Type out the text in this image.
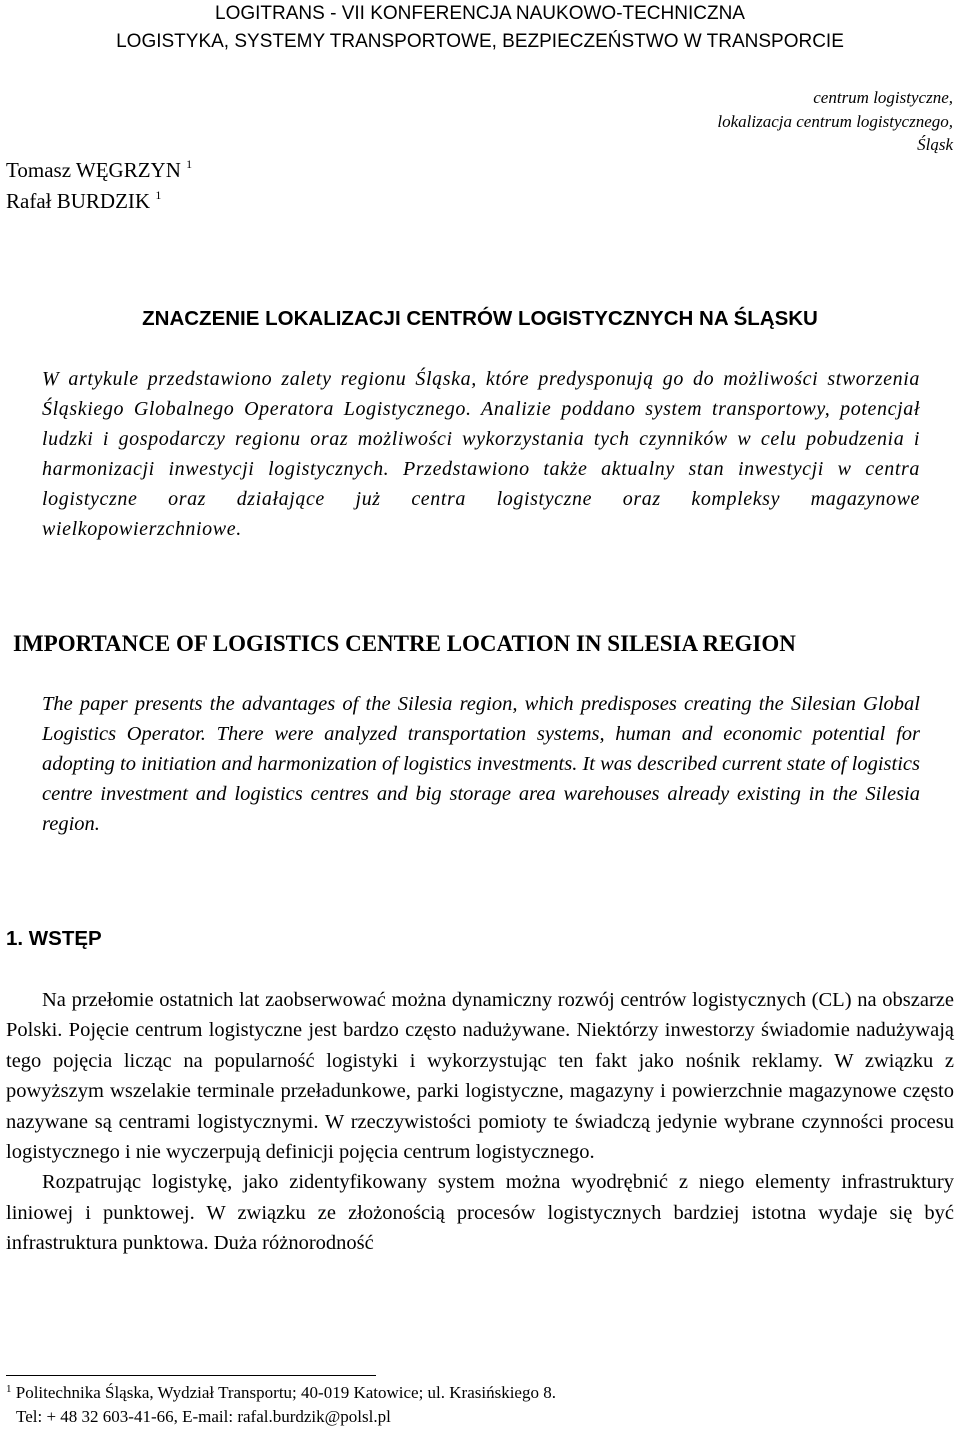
LOGITRANS - VII KONFERENCJA NAUKOWO-TECHNICZNA
LOGISTYKA, SYSTEMY TRANSPORTOWE, BEZPIECZEŃSTWO W TRANSPORCIE
centrum logistyczne,
lokalizacja centrum logistycznego,
Śląsk
Tomasz WĘGRZYN $^1$
Rafał BURDZIK $^1$
ZNACZENIE LOKALIZACJI CENTRÓW LOGISTYCZNYCH NA ŚLĄSKU

W artykule przedstawiono zalety regionu Śląska, które predysponują go do możliwości stworzenia Śląskiego Globalnego Operatora Logistycznego. Analizie poddano system transportowy, potencjał ludzki i gospodarczy regionu oraz możliwości wykorzystania tych czynników w celu pobudzenia i harmonizacji inwestycji logistycznych. Przedstawiono także aktualny stan inwestycji w centra logistyczne oraz działające już centra logistyczne oraz kompleksy magazynowe wielkopowierzchniowe.

IMPORTANCE OF LOGISTICS CENTRE LOCATION IN SILESIA REGION

The paper presents the advantages of the Silesia region, which predisposes creating the Silesian Global Logistics Operator. There were analyzed transportation systems, human and economic potential for adopting to initiation and harmonization of logistics investments. It was described current state of logistics centre investment and logistics centres and big storage area warehouses already existing in the Silesia region.

1. WSTĘP

Na przełomie ostatnich lat zaobserwować można dynamiczny rozwój centrów logistycznych (CL) na obszarze Polski. Pojęcie centrum logistyczne jest bardzo często nadużywane. Niektórzy inwestorzy świadomie nadużywają tego pojęcia licząc na popularność logistyki i wykorzystując ten fakt jako nośnik reklamy. W związku z powyższym wszelakie terminale przeładunkowe, parki logistyczne, magazyny i powierzchnie magazynowe często nazywane są centrami logistycznymi. W rzeczywistości pomioty te świadczą jedynie wybrane czynności procesu logistycznego i nie wyczerpują definicji pojęcia centrum logistycznego.

Rozpatrując logistykę, jako zidentyfikowany system można wyodrębnić z niego elementy infrastruktury liniowej i punktowej. W związku ze złożonością procesów logistycznych bardziej istotna wydaje się być infrastruktura punktowa. Duża różnorodność

$^1$ Politechnika Śląska, Wydział Transportu; 40-019 Katowice; ul. Krasińskiego 8.
Tel: + 48 32 603-41-66, E-mail: rafal.burdzik@polsl.pl
